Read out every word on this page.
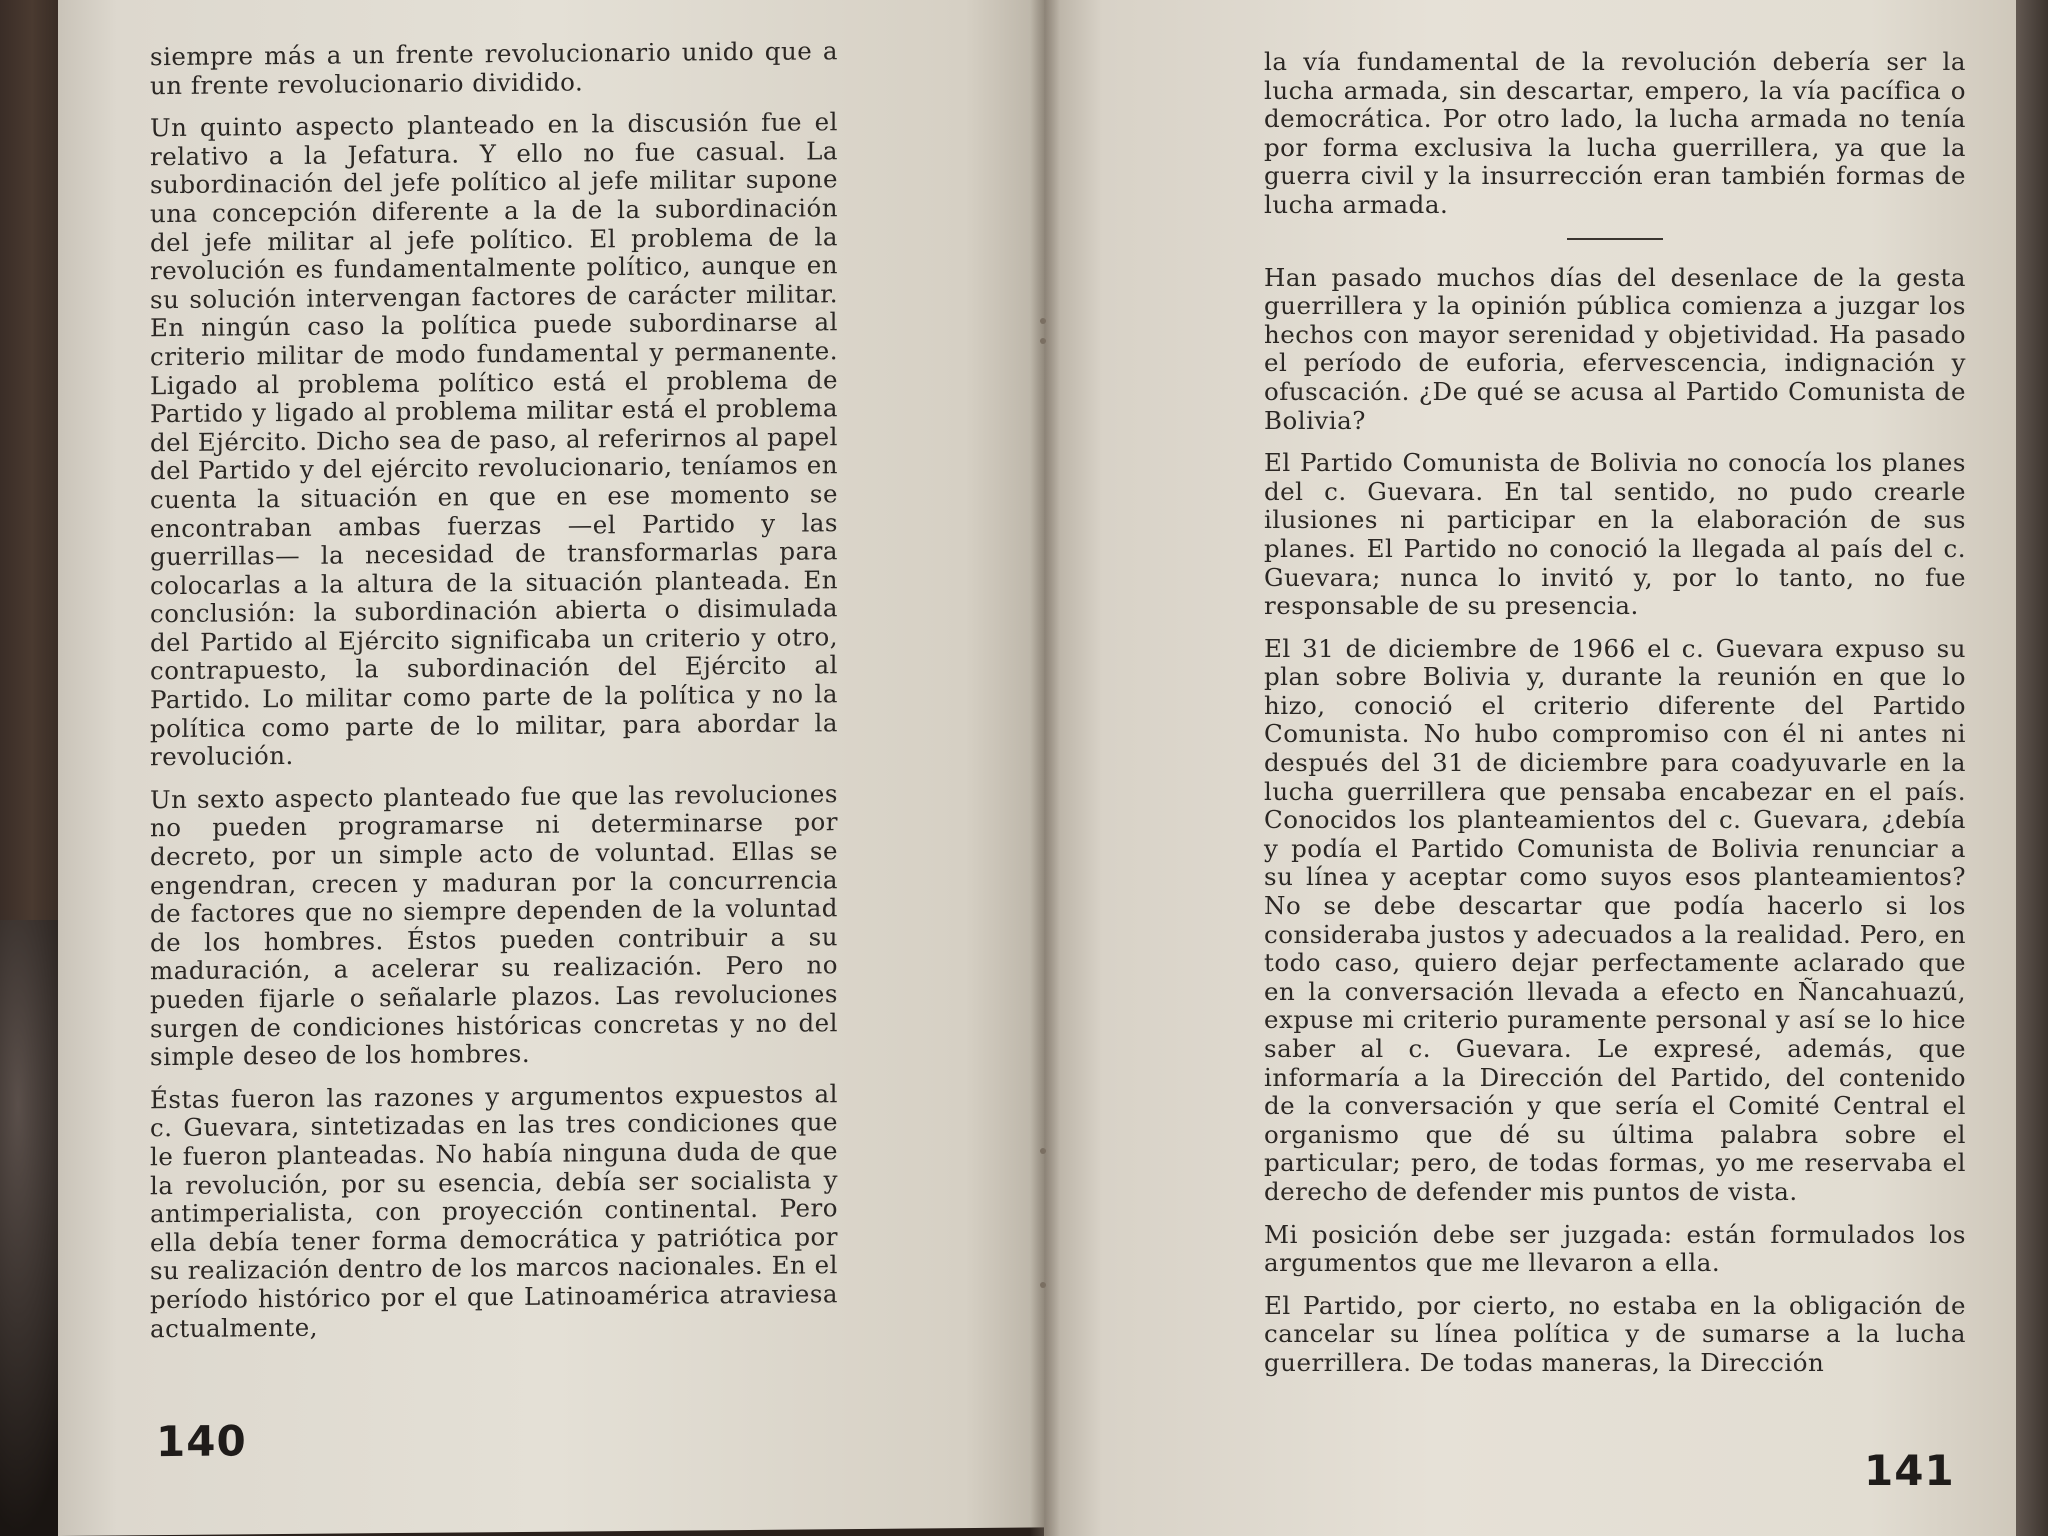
siempre más a un frente revolucionario unido que a un frente revolucionario dividido.

Un quinto aspecto planteado en la discusión fue el relativo a la Jefatura. Y ello no fue casual. La subordinación del jefe político al jefe militar supone una concepción diferente a la de la subordinación del jefe militar al jefe político. El problema de la revolución es fundamentalmente político, aunque en su solución intervengan factores de carácter militar. En ningún caso la política puede subordinarse al criterio militar de modo fundamental y permanente. Ligado al problema político está el problema de Partido y ligado al problema militar está el problema del Ejército. Dicho sea de paso, al referirnos al papel del Partido y del ejército revolucionario, teníamos en cuenta la situación en que en ese momento se encontraban ambas fuerzas —el Partido y las guerrillas— la necesidad de transformarlas para colocarlas a la altura de la situación planteada. En conclusión: la subordinación abierta o disimulada del Partido al Ejército significaba un criterio y otro, contrapuesto, la subordinación del Ejército al Partido. Lo militar como parte de la política y no la política como parte de lo militar, para abordar la revolución.

Un sexto aspecto planteado fue que las revoluciones no pueden programarse ni determinarse por decreto, por un simple acto de voluntad. Ellas se engendran, crecen y maduran por la concurrencia de factores que no siempre dependen de la voluntad de los hombres. Éstos pueden contribuir a su maduración, a acelerar su realización. Pero no pueden fijarle o señalarle plazos. Las revoluciones surgen de condiciones históricas concretas y no del simple deseo de los hombres.

Éstas fueron las razones y argumentos expuestos al c. Guevara, sintetizadas en las tres condiciones que le fueron planteadas. No había ninguna duda de que la revolución, por su esencia, debía ser socialista y antimperialista, con proyección continental. Pero ella debía tener forma democrática y patriótica por su realización dentro de los marcos nacionales. En el período histórico por el que Latinoamérica atraviesa actualmente,

140

la vía fundamental de la revolución debería ser la lucha armada, sin descartar, empero, la vía pacífica o democrática. Por otro lado, la lucha armada no tenía por forma exclusiva la lucha guerrillera, ya que la guerra civil y la insurrección eran también formas de lucha armada.

Han pasado muchos días del desenlace de la gesta guerrillera y la opinión pública comienza a juzgar los hechos con mayor serenidad y objetividad. Ha pasado el período de euforia, efervescencia, indignación y ofuscación. ¿De qué se acusa al Partido Comunista de Bolivia?

El Partido Comunista de Bolivia no conocía los planes del c. Guevara. En tal sentido, no pudo crearle ilusiones ni participar en la elaboración de sus planes. El Partido no conoció la llegada al país del c. Guevara; nunca lo invitó y, por lo tanto, no fue responsable de su presencia.

El 31 de diciembre de 1966 el c. Guevara expuso su plan sobre Bolivia y, durante la reunión en que lo hizo, conoció el criterio diferente del Partido Comunista. No hubo compromiso con él ni antes ni después del 31 de diciembre para coadyuvarle en la lucha guerrillera que pensaba encabezar en el país. Conocidos los planteamientos del c. Guevara, ¿debía y podía el Partido Comunista de Bolivia renunciar a su línea y aceptar como suyos esos planteamientos? No se debe descartar que podía hacerlo si los consideraba justos y adecuados a la realidad. Pero, en todo caso, quiero dejar perfectamente aclarado que en la conversación llevada a efecto en Ñancahuazú, expuse mi criterio puramente personal y así se lo hice saber al c. Guevara. Le expresé, además, que informaría a la Dirección del Partido, del contenido de la conversación y que sería el Comité Central el organismo que dé su última palabra sobre el particular; pero, de todas formas, yo me reservaba el derecho de defender mis puntos de vista.

Mi posición debe ser juzgada: están formulados los argumentos que me llevaron a ella.

El Partido, por cierto, no estaba en la obligación de cancelar su línea política y de sumarse a la lucha guerrillera. De todas maneras, la Dirección

141
